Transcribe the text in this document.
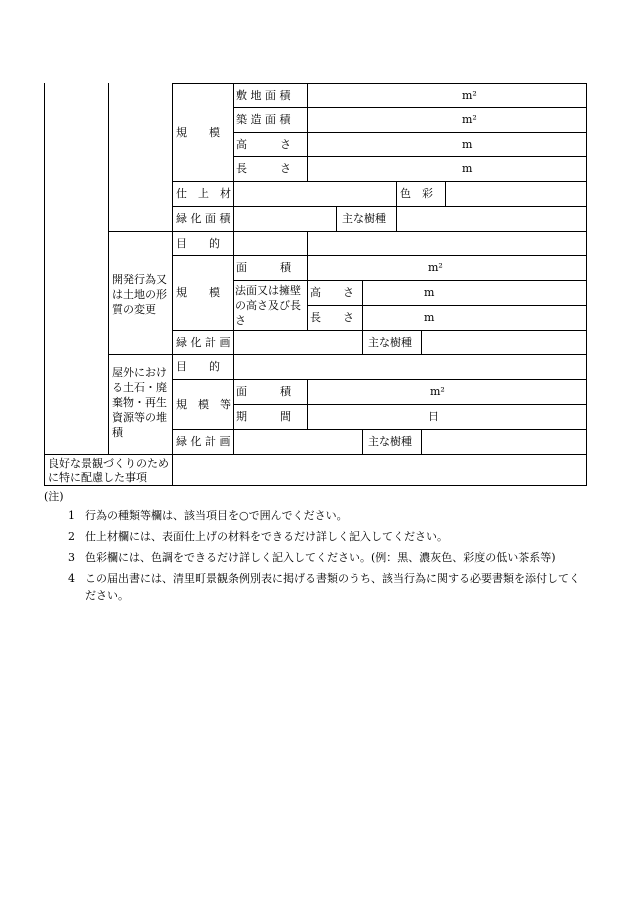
規　　模
敷 地 面 積	m²
築 造 面 積	m²
高　　　さ	m
長　　　さ	m
仕　上　材	色　彩
緑 化 面 積	主な樹種
開発行為又は土地の形質の変更
目　　的
規　　模
面　　　積	m²
法面又は擁壁の高さ及び長さ
高　　さ	m
長　　さ	m
緑 化 計 画	主な樹種
屋外における土石・廃棄物・再生資源等の堆積
目　　的
規　模　等
面　　　積	m²
期　　　間	日
緑 化 計 画	主な樹種
良好な景観づくりのために特に配慮した事項
(注)
1 行為の種類等欄は、該当項目を○で囲んでください。
2 仕上材欄には、表面仕上げの材料をできるだけ詳しく記入してください。
3 色彩欄には、色調をできるだけ詳しく記入してください。(例：黒、濃灰色、彩度の低い茶系等)
4 この届出書には、清里町景観条例別表に掲げる書類のうち、該当行為に関する必要書類を添付してください。
